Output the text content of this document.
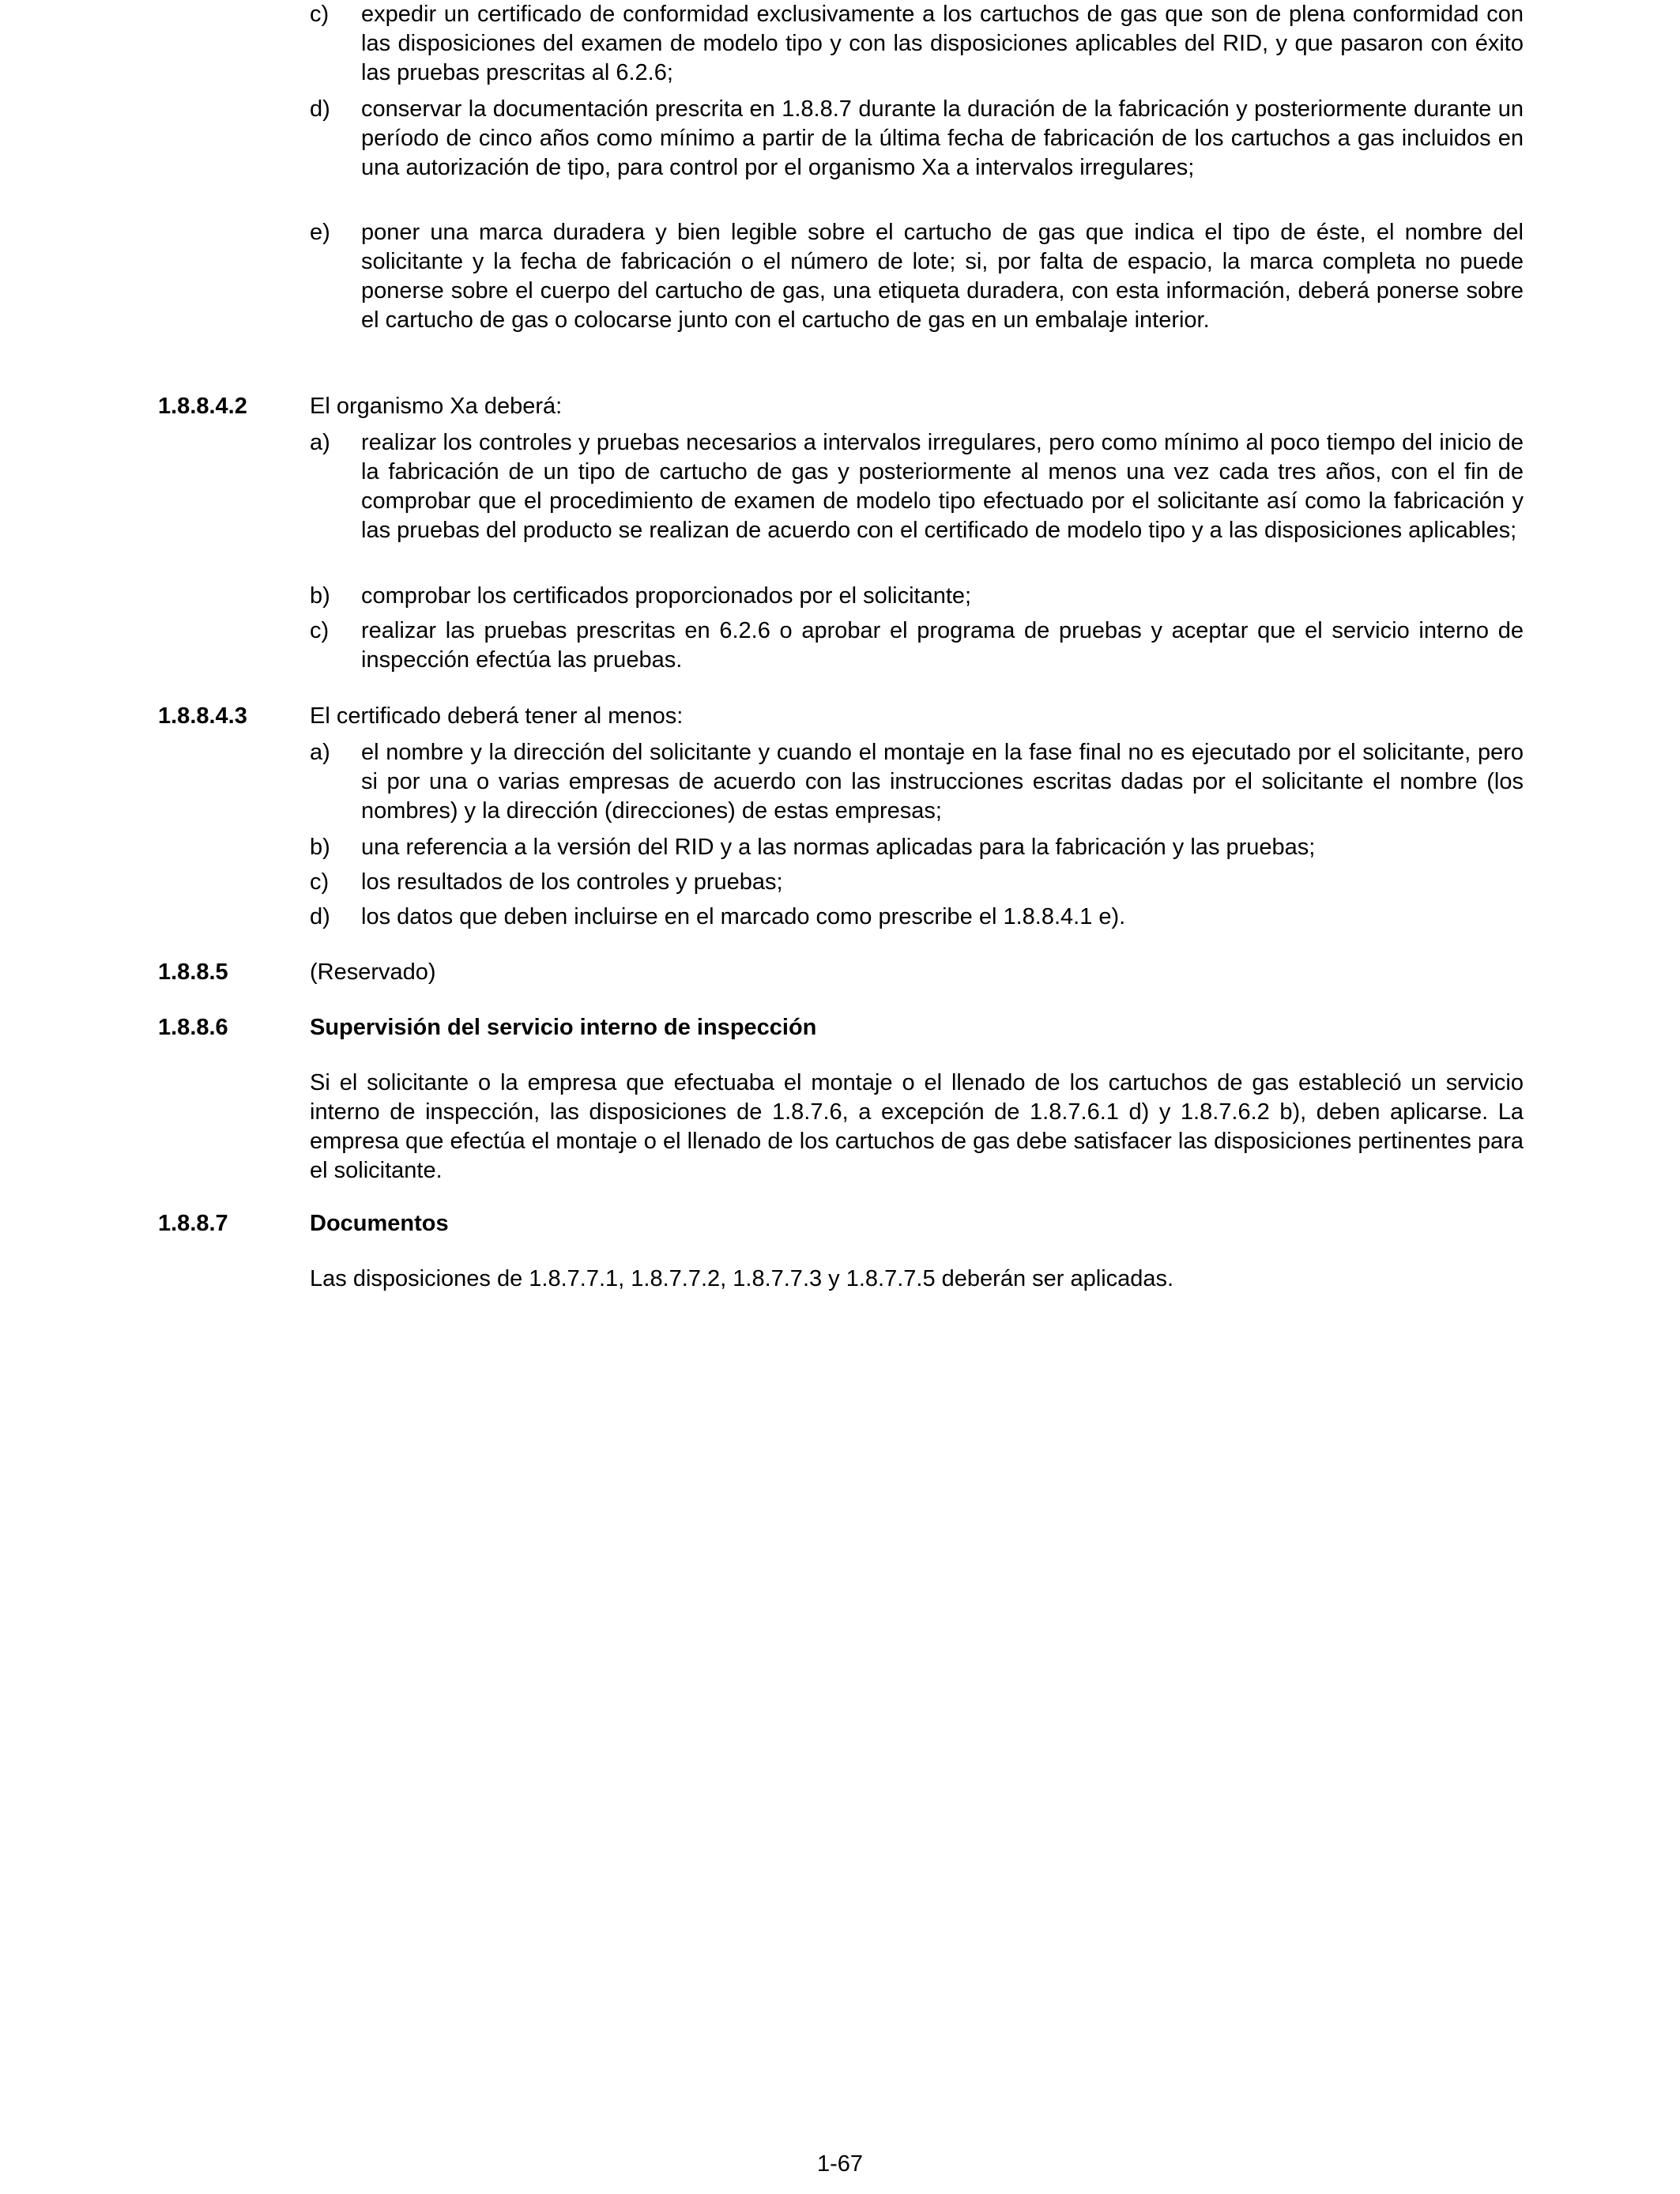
c) expedir un certificado de conformidad exclusivamente a los cartuchos de gas que son de plena conformidad con las disposiciones del examen de modelo tipo y con las disposiciones aplicables del RID, y que pasaron con éxito las pruebas prescritas al 6.2.6;
d) conservar la documentación prescrita en 1.8.8.7 durante la duración de la fabricación y posteriormente durante un período de cinco años como mínimo a partir de la última fecha de fabricación de los cartuchos a gas incluidos en una autorización de tipo, para control por el organismo Xa a intervalos irregulares;
e) poner una marca duradera y bien legible sobre el cartucho de gas que indica el tipo de éste, el nombre del solicitante y la fecha de fabricación o el número de lote; si, por falta de espacio, la marca completa no puede ponerse sobre el cuerpo del cartucho de gas, una etiqueta duradera, con esta información, deberá ponerse sobre el cartucho de gas o colocarse junto con el cartucho de gas en un embalaje interior.
1.8.8.4.2	El organismo Xa deberá:
a) realizar los controles y pruebas necesarios a intervalos irregulares, pero como mínimo al poco tiempo del inicio de la fabricación de un tipo de cartucho de gas y posteriormente al menos una vez cada tres años, con el fin de comprobar que el procedimiento de examen de modelo tipo efectuado por el solicitante así como la fabricación y las pruebas del producto se realizan de acuerdo con el certificado de modelo tipo y a las disposiciones aplicables;
b) comprobar los certificados proporcionados por el solicitante;
c) realizar las pruebas prescritas en 6.2.6 o aprobar el programa de pruebas y aceptar que el servicio interno de inspección efectúa las pruebas.
1.8.8.4.3	El certificado deberá tener al menos:
a) el nombre y la dirección del solicitante y cuando el montaje en la fase final no es ejecutado por el solicitante, pero si por una o varias empresas de acuerdo con las instrucciones escritas dadas por el solicitante el nombre (los nombres) y la dirección (direcciones) de estas empresas;
b) una referencia a la versión del RID y a las normas aplicadas para la fabricación y las pruebas;
c) los resultados de los controles y pruebas;
d) los datos que deben incluirse en el marcado como prescribe el 1.8.8.4.1 e).
1.8.8.5	(Reservado)
1.8.8.6	Supervisión del servicio interno de inspección
Si el solicitante o la empresa que efectuaba el montaje o el llenado de los cartuchos de gas estableció un servicio interno de inspección, las disposiciones de 1.8.7.6, a excepción de 1.8.7.6.1 d) y 1.8.7.6.2 b), deben aplicarse. La empresa que efectúa el montaje o el llenado de los cartuchos de gas debe satisfacer las disposiciones pertinentes para el solicitante.
1.8.8.7	Documentos
Las disposiciones de 1.8.7.7.1, 1.8.7.7.2, 1.8.7.7.3 y 1.8.7.7.5 deberán ser aplicadas.
1-67
